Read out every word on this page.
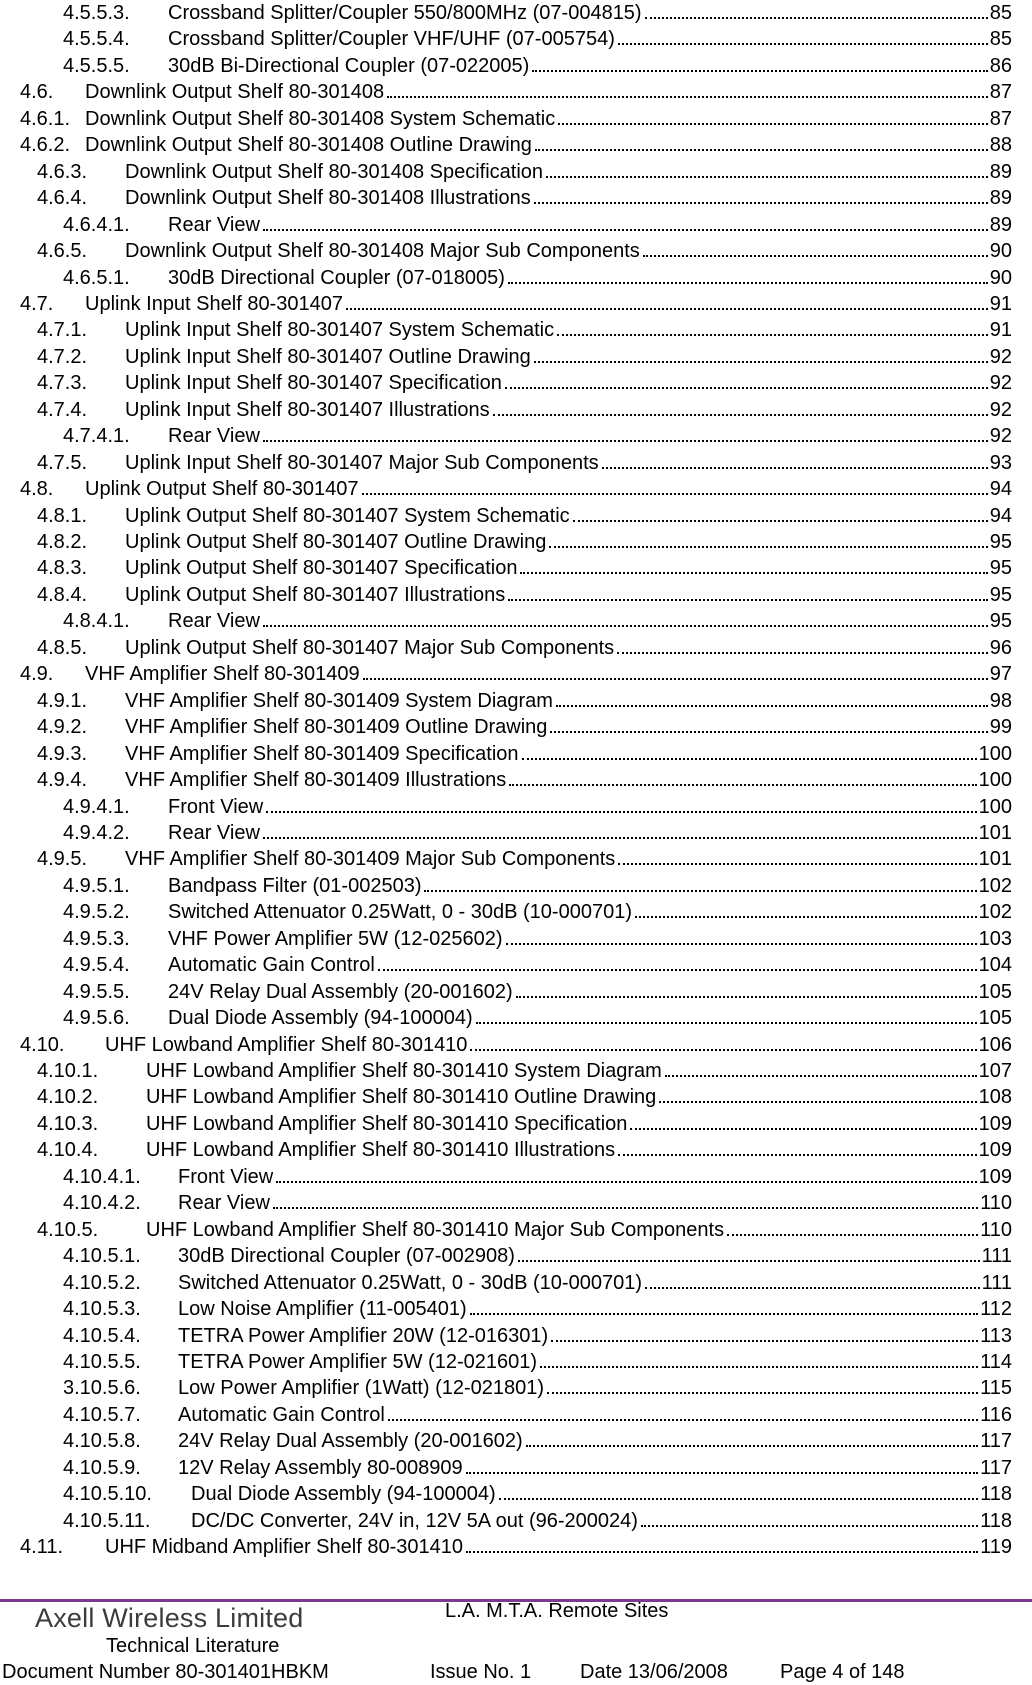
4.5.5.3.	Crossband Splitter/Coupler 550/800MHz (07-004815)	85
4.5.5.4.	Crossband Splitter/Coupler VHF/UHF (07-005754)	85
4.5.5.5.	30dB Bi-Directional Coupler (07-022005)	86
4.6.	Downlink Output Shelf 80-301408	87
4.6.1. Downlink Output Shelf 80-301408 System Schematic	87
4.6.2. Downlink Output Shelf 80-301408 Outline Drawing	88
4.6.3.	Downlink Output Shelf 80-301408 Specification	89
4.6.4.	Downlink Output Shelf 80-301408 Illustrations	89
4.6.4.1.	Rear View	89
4.6.5.	Downlink Output Shelf 80-301408 Major Sub Components	90
4.6.5.1.	30dB Directional Coupler (07-018005)	90
4.7.	Uplink Input Shelf 80-301407	91
4.7.1.	Uplink Input Shelf 80-301407 System Schematic	91
4.7.2.	Uplink Input Shelf 80-301407 Outline Drawing	92
4.7.3.	Uplink Input Shelf 80-301407 Specification	92
4.7.4.	Uplink Input Shelf 80-301407 Illustrations	92
4.7.4.1.	Rear View	92
4.7.5.	Uplink Input Shelf 80-301407 Major Sub Components	93
4.8.	Uplink Output Shelf 80-301407	94
4.8.1.	Uplink Output Shelf 80-301407 System Schematic	94
4.8.2.	Uplink Output Shelf 80-301407 Outline Drawing	95
4.8.3.	Uplink Output Shelf 80-301407 Specification	95
4.8.4.	Uplink Output Shelf 80-301407 Illustrations	95
4.8.4.1.	Rear View	95
4.8.5.	Uplink Output Shelf 80-301407 Major Sub Components	96
4.9.	VHF Amplifier Shelf 80-301409	97
4.9.1.	VHF Amplifier Shelf 80-301409 System Diagram	98
4.9.2.	VHF Amplifier Shelf 80-301409 Outline Drawing	99
4.9.3.	VHF Amplifier Shelf 80-301409 Specification	100
4.9.4.	VHF Amplifier Shelf 80-301409 Illustrations	100
4.9.4.1.	Front View	100
4.9.4.2.	Rear View	101
4.9.5.	VHF Amplifier Shelf 80-301409 Major Sub Components	101
4.9.5.1.	Bandpass Filter (01-002503)	102
4.9.5.2.	Switched Attenuator 0.25Watt, 0 - 30dB (10-000701)	102
4.9.5.3.	VHF Power Amplifier 5W (12-025602)	103
4.9.5.4.	Automatic Gain Control	104
4.9.5.5.	24V Relay Dual Assembly (20-001602)	105
4.9.5.6.	Dual Diode Assembly (94-100004)	105
4.10.	UHF Lowband Amplifier Shelf 80-301410	106
4.10.1.	UHF Lowband Amplifier Shelf 80-301410 System Diagram	107
4.10.2.	UHF Lowband Amplifier Shelf 80-301410 Outline Drawing	108
4.10.3.	UHF Lowband Amplifier Shelf 80-301410 Specification	109
4.10.4.	UHF Lowband Amplifier Shelf 80-301410 Illustrations	109
4.10.4.1.	Front View	109
4.10.4.2.	Rear View	110
4.10.5.	UHF Lowband Amplifier Shelf 80-301410 Major Sub Components	110
4.10.5.1.	30dB Directional Coupler (07-002908)	111
4.10.5.2.	Switched Attenuator 0.25Watt, 0 - 30dB (10-000701)	111
4.10.5.3.	Low Noise Amplifier (11-005401)	112
4.10.5.4.	TETRA Power Amplifier 20W (12-016301)	113
4.10.5.5.	TETRA Power Amplifier 5W (12-021601)	114
3.10.5.6.	Low Power Amplifier (1Watt) (12-021801)	115
4.10.5.7.	Automatic Gain Control	116
4.10.5.8.	24V Relay Dual Assembly (20-001602)	117
4.10.5.9.	12V Relay Assembly 80-008909	117
4.10.5.10.	Dual Diode Assembly (94-100004)	118
4.10.5.11.	DC/DC Converter, 24V in, 12V 5A out (96-200024)	118
4.11.	UHF Midband Amplifier Shelf 80-301410	119
Axell Wireless Limited	L.A. M.T.A. Remote Sites
Technical Literature
Document Number 80-301401HBKM	Issue No. 1 Date 13/06/2008	Page 4 of 148
